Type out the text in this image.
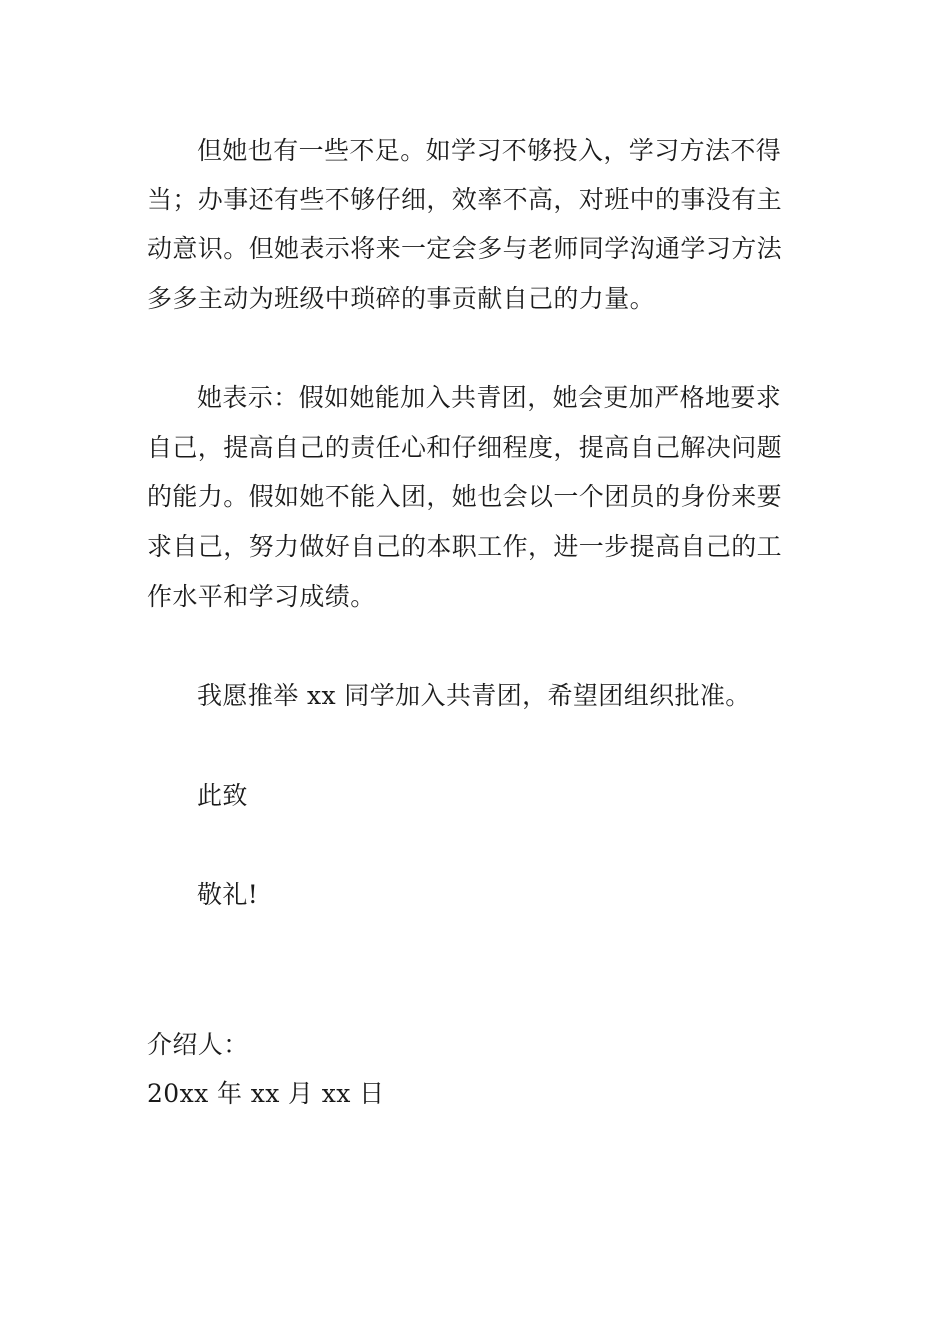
但她也有一些不足。如学习不够投入，学习方法不得
当；办事还有些不够仔细，效率不高，对班中的事没有主
动意识。但她表示将来一定会多与老师同学沟通学习方法
多多主动为班级中琐碎的事贡献自己的力量。
她表示：假如她能加入共青团，她会更加严格地要求
自己，提高自己的责任心和仔细程度，提高自己解决问题
的能力。假如她不能入团，她也会以一个团员的身份来要
求自己，努力做好自己的本职工作，进一步提高自己的工
作水平和学习成绩。
我愿推举 xx 同学加入共青团，希望团组织批准。
此致
敬礼!
介绍人：
20xx 年 xx 月 xx 日
